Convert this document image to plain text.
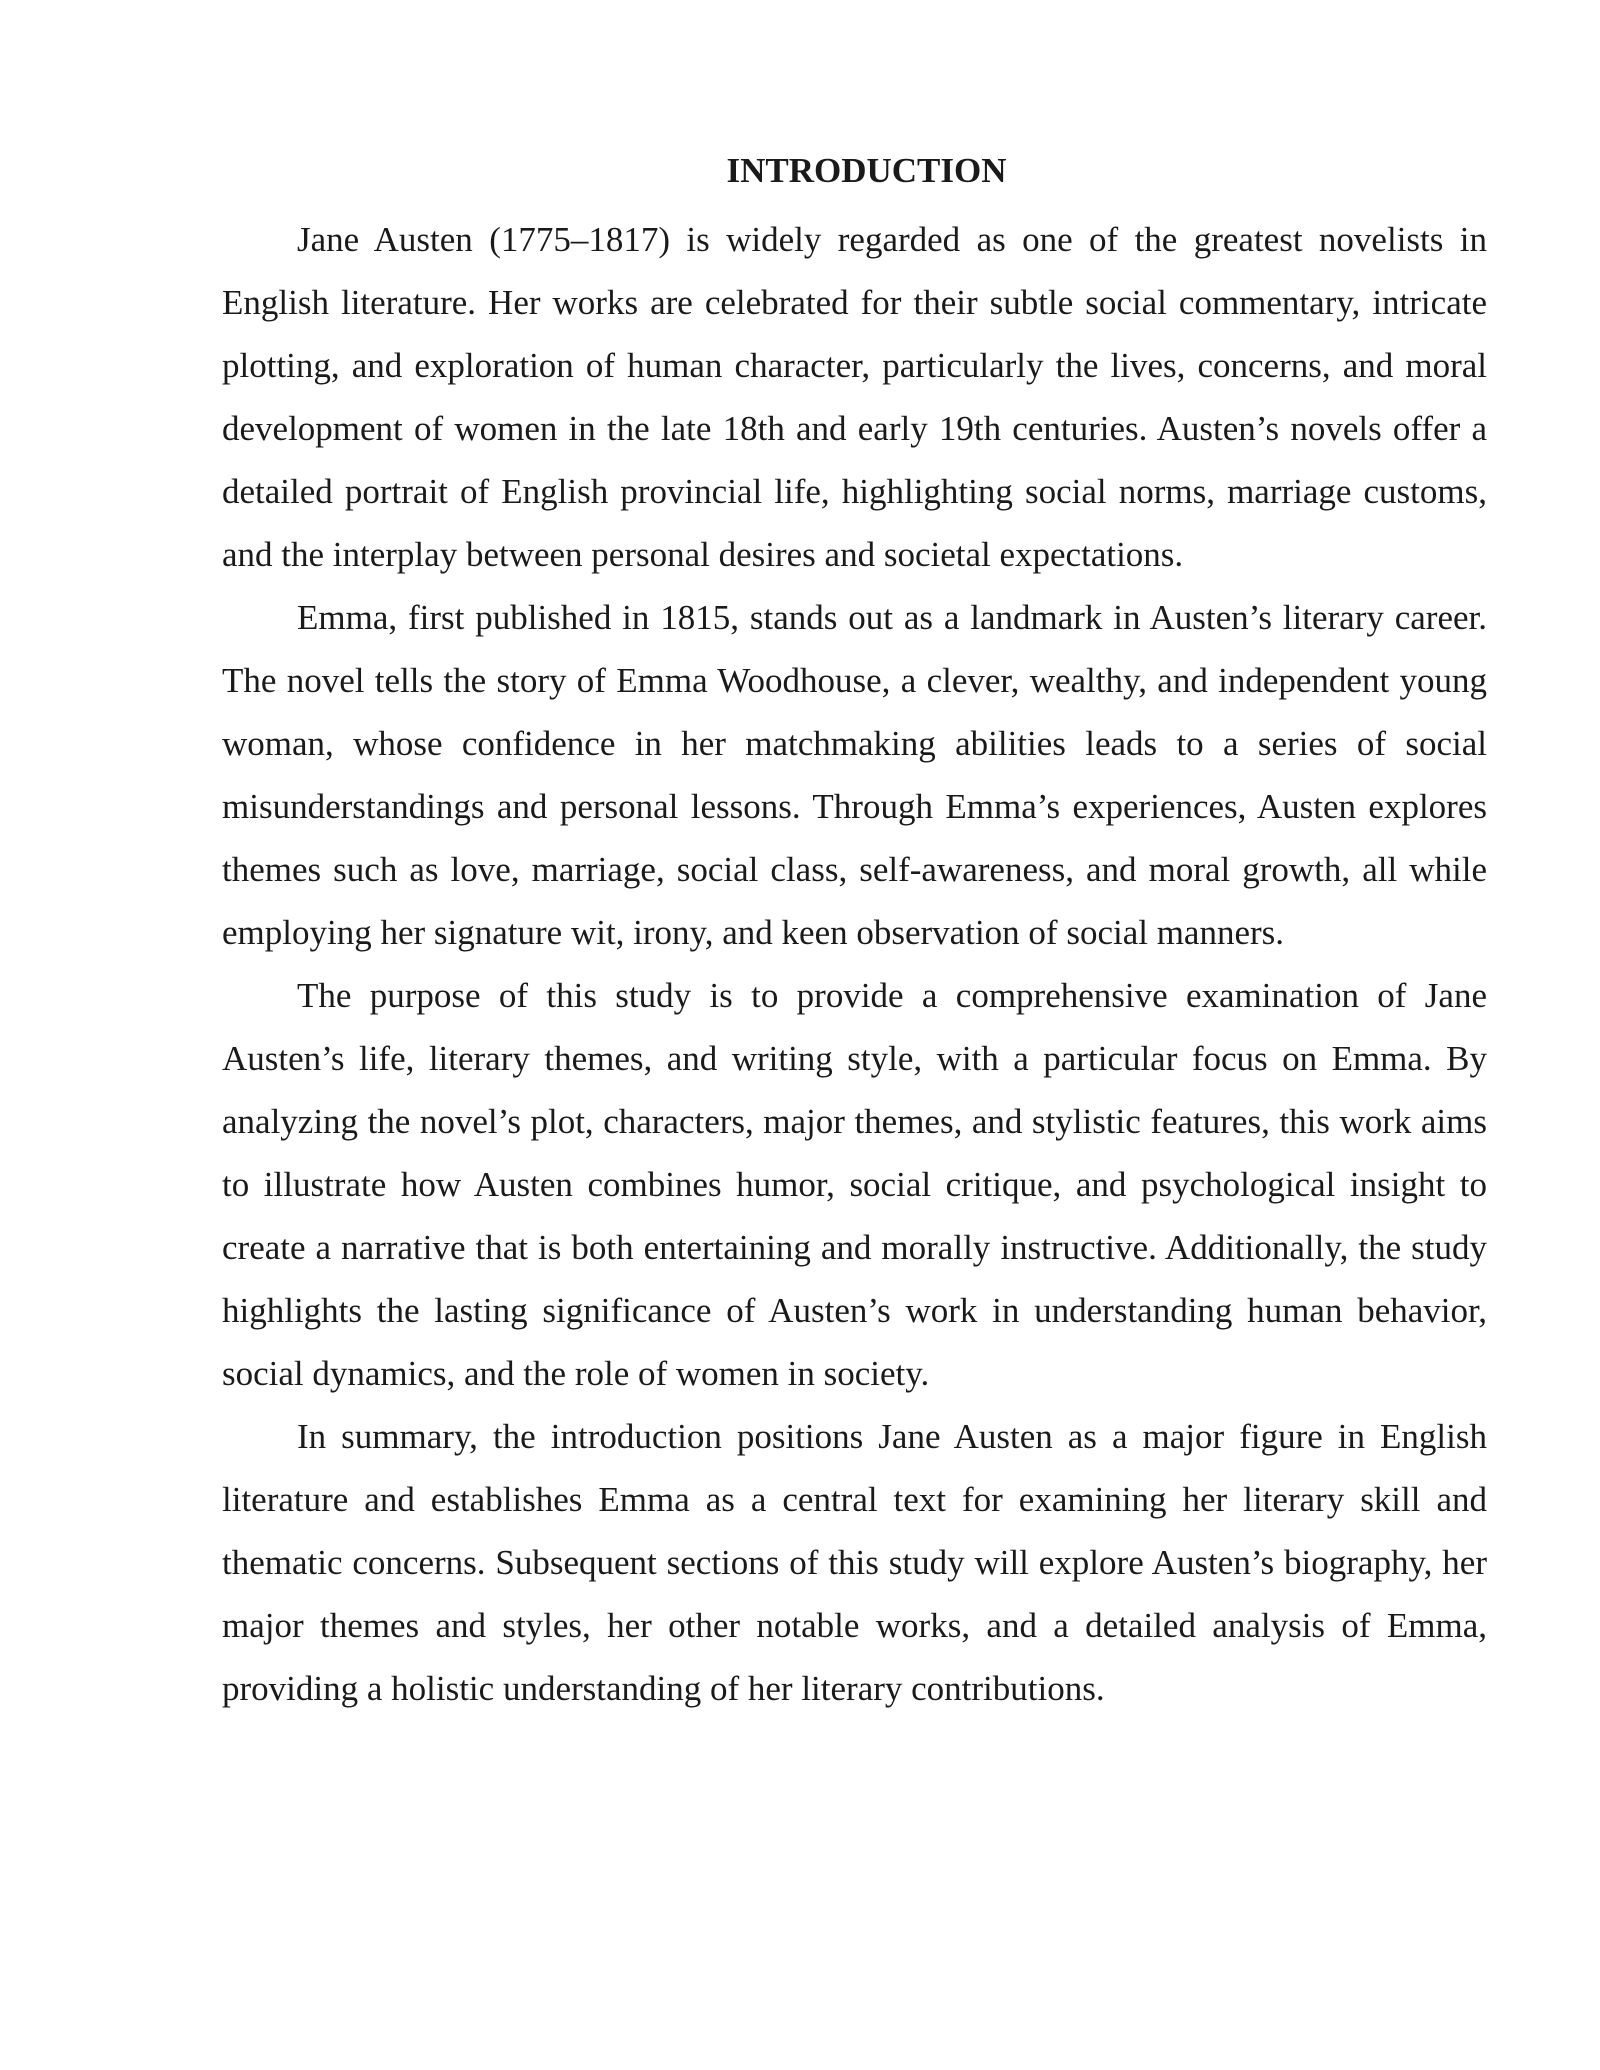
INTRODUCTION

Jane Austen (1775–1817) is widely regarded as one of the greatest novelists in English literature. Her works are celebrated for their subtle social commentary, intricate plotting, and exploration of human character, particularly the lives, concerns, and moral development of women in the late 18th and early 19th centuries. Austen’s novels offer a detailed portrait of English provincial life, highlighting social norms, marriage customs, and the interplay between personal desires and societal expectations.

Emma, first published in 1815, stands out as a landmark in Austen’s literary career. The novel tells the story of Emma Woodhouse, a clever, wealthy, and independent young woman, whose confidence in her matchmaking abilities leads to a series of social misunderstandings and personal lessons. Through Emma’s experiences, Austen explores themes such as love, marriage, social class, self-awareness, and moral growth, all while employing her signature wit, irony, and keen observation of social manners.

The purpose of this study is to provide a comprehensive examination of Jane Austen’s life, literary themes, and writing style, with a particular focus on Emma. By analyzing the novel’s plot, characters, major themes, and stylistic features, this work aims to illustrate how Austen combines humor, social critique, and psychological insight to create a narrative that is both entertaining and morally instructive. Additionally, the study highlights the lasting significance of Austen’s work in understanding human behavior, social dynamics, and the role of women in society.

In summary, the introduction positions Jane Austen as a major figure in English literature and establishes Emma as a central text for examining her literary skill and thematic concerns. Subsequent sections of this study will explore Austen’s biography, her major themes and styles, her other notable works, and a detailed analysis of Emma, providing a holistic understanding of her literary contributions.
